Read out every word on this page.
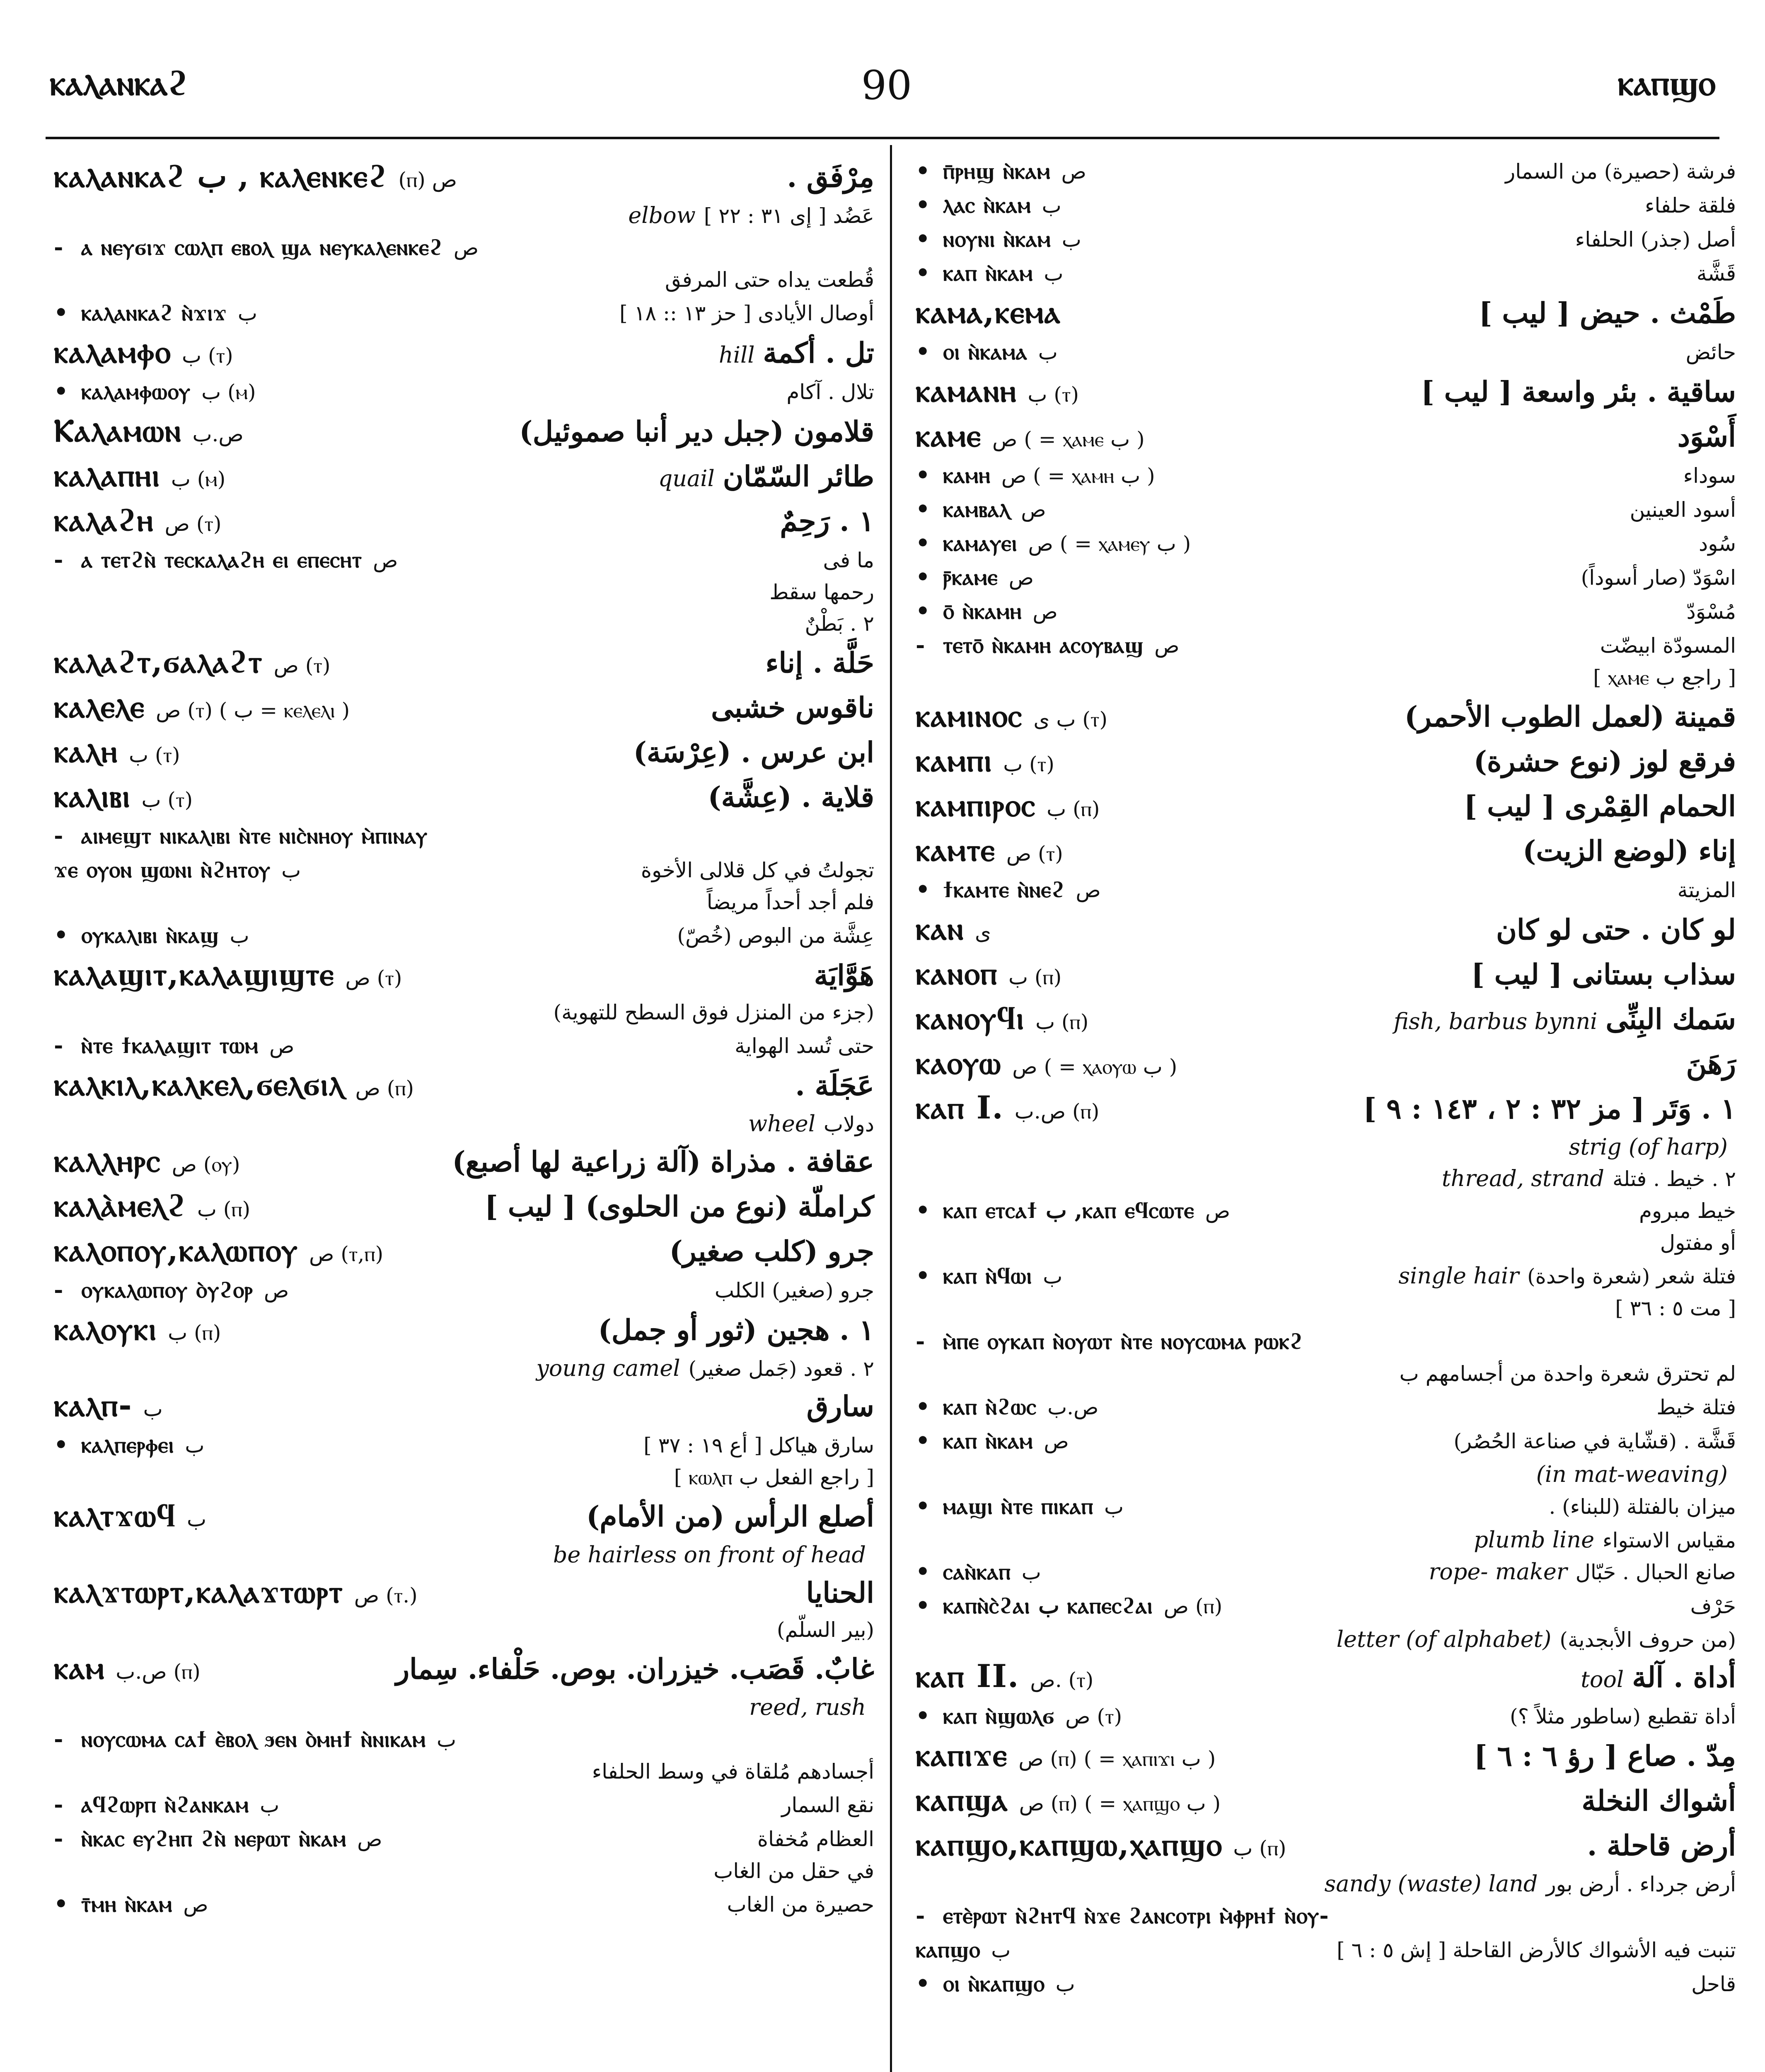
ⲕⲁⲗⲁⲛⲕⲁϩ	90	ⲕⲁⲡϣⲟ
ⲕⲁⲗⲁⲛⲕⲁϩ ب , ⲕⲁⲗⲉⲛⲕⲉϩ (ⲡ) ص	مِرْفَق .
عَضُد [ إى ٣١ : ٢٢ ]elbow
- ⲁ ⲛⲉⲩϭⲓϫ ⲥⲱⲗⲡ ⲉⲃⲟⲗ ϣⲁ ⲛⲉⲩⲕⲁⲗⲉⲛⲕⲉϩ ص
قُطعت يداه حتى المرفق
• ⲕⲁⲗⲁⲛⲕⲁϩ ⲛ̀ϫⲓϫ ب	أوصال الأيادى [ حز ١٣ :: ١٨ ]
ⲕⲁⲗⲁⲙⲫⲟ ب (ⲧ)	تل . أكمةhill
• ⲕⲁⲗⲁⲙⲫⲱⲟⲩ ب (ⲙ)	تلال . آكام
Ⲕⲁⲗⲁⲙⲱⲛ ص.ب	قلامون (جبل دير أنبا صموئيل)
ⲕⲁⲗⲁⲡⲏⲓ ب (ⲙ)	طائر السّمّانquail
ⲕⲁⲗⲁϩⲏ ص (ⲧ)	١ . رَحِمٌ
- ⲁ ⲧⲉⲧϩⲛ̀ ⲧⲉⲥⲕⲁⲗⲁϩⲏ ⲉⲓ ⲉⲡⲉⲥⲏⲧ ص	ما فى
رحمها سقط
٢ . بَطْنٌ
ⲕⲁⲗⲁϩⲧ,ϭⲁⲗⲁϩⲧ ص (ⲧ)	حَلَّة . إناء
ⲕⲁⲗⲉⲗⲉ ص (ⲧ) ( ب = ⲕⲉⲗⲉⲗⲓ )	ناقوس خشبى
ⲕⲁⲗⲏ ب (ⲧ)	ابن عرس . (عِرْسَة)
ⲕⲁⲗⲓⲃⲓ ب (ⲧ)	قلاية . (عِشَّة)
- ⲁⲓⲙⲉϣⲧ ⲛⲓⲕⲁⲗⲓⲃⲓ ⲛ̀ⲧⲉ ⲛⲓⲥ̀ⲛⲏⲟⲩ ⲙ̀ⲡⲓⲛⲁⲩ
ϫⲉ ⲟⲩⲟⲛ ϣⲱⲛⲓ ⲛ̀ϩⲏⲧⲟⲩ ب	تجولتُ في كل قلالى الأخوة
فلم أجد أحداً مريضاً
• ⲟⲩⲕⲁⲗⲓⲃⲓ ⲛ̀ⲕⲁϣ ب	عِشَّة من البوص (خُصّ)
ⲕⲁⲗⲁϣⲓⲧ,ⲕⲁⲗⲁϣⲓϣⲧⲉ ص (ⲧ)	هَوَّايَة
(جزء من المنزل فوق السطح للتهوية)
- ⲛ̀ⲧⲉ ϯⲕⲁⲗⲁϣⲓⲧ ⲧⲱⲙ ص	حتى تُسد الهواية
ⲕⲁⲗⲕⲓⲗ,ⲕⲁⲗⲕⲉⲗ,ϭⲉⲗϭⲓⲗ ص (ⲡ)	عَجَلَة .
دولابwheel
ⲕⲁⲗⲗⲏⲣⲥ ص (ⲟⲩ)	عقافة . مذراة (آلة زراعية لها أصبع)
ⲕⲁⲗⲁ̀ⲙⲉⲗϩ ب (ⲡ)	كراملّة (نوع من الحلوى) [ ليب ]
ⲕⲁⲗⲟⲡⲟⲩ,ⲕⲁⲗⲱⲡⲟⲩ ص (ⲧ,ⲡ)	جرو (كلب صغير)
- ⲟⲩⲕⲁⲗⲱⲡⲟⲩ ⲟ̀ⲩϩⲟⲣ ص	جرو (صغير) الكلب
ⲕⲁⲗⲟⲩⲕⲓ ب (ⲡ)	١ . هجين (ثور أو جمل)
٢ . قعود (جَمل صغير)young camel
ⲕⲁⲗⲡ- ب	سارق
• ⲕⲁⲗⲡⲉⲣⲫⲉⲓ ب	سارق هياكل [ أع ١٩ : ٣٧ ]
[ راجع الفعل ب ⲕⲱⲗⲡ ]
ⲕⲁⲗⲧϫⲱϥ ب	أصلع الرأس (من الأمام)
be hairless on front of head
ⲕⲁⲗϫⲧⲱⲣⲧ,ⲕⲁⲗⲁϫⲧⲱⲣⲧ ص (ⲧ.)	الحنايا
(بير السلّم)
ⲕⲁⲙ ص.ب (ⲡ)	غابٌ. قَصَب. خيزران. بوص. حَلْفاء. سِمار
reed, rush
- ⲛⲟⲩⲥⲱⲙⲁ ⲥⲁϯ ⲉ̀ⲃⲟⲗ ϧⲉⲛ ⲟ̀ⲙⲏϯ ⲛ̀ⲛⲓⲕⲁⲙ ب
أجسادهم مُلقاة في وسط الحلفاء
- ⲁϥϩⲱⲣⲡ ⲛ̀ϩⲁⲛⲕⲁⲙ ب	نقع السمار
- ⲛ̀ⲕⲁⲥ ⲉⲩϩⲏⲡ ϩⲛ̀ ⲛⲉⲣⲱⲧ ⲛ̀ⲕⲁⲙ ص	العظام مُخفاة
في حقل من الغاب
• ⲧ̄ⲙⲏ ⲛ̀ⲕⲁⲙ ص	حصيرة من الغاب
• ⲡ̄ⲣⲏϣ ⲛ̀ⲕⲁⲙ ص	فرشة (حصيرة) من السمار
• ⲗⲁⲥ ⲛ̀ⲕⲁⲙ ب	فلقة حلفاء
• ⲛⲟⲩⲛⲓ ⲛ̀ⲕⲁⲙ ب	أصل (جذر) الحلفاء
• ⲕⲁⲡ ⲛ̀ⲕⲁⲙ ب	قَشَّة
ⲕⲁⲙⲁ,ⲕⲉⲙⲁ	طَمْث . حيض [ ليب ]
• ⲟⲓ ⲛ̀ⲕⲁⲙⲁ ب	حائض
ⲕⲁⲙⲁⲛⲏ ب (ⲧ)	ساقية . بئر واسعة [ ليب ]
ⲕⲁⲙⲉ ص ( = ⲭⲁⲙⲉ ب )	أَسْوَد
• ⲕⲁⲙⲏ ص ( = ⲭⲁⲙⲏ ب )	سوداء
• ⲕⲁⲙⲃⲁⲗ ص	أسود العينين
• ⲕⲁⲙⲁⲩⲉⲓ ص ( = ⲭⲁⲙⲉⲩ ب )	سُود
• ⲣ̄ⲕⲁⲙⲉ ص	اسْوَدّ (صار أسوداً)
• ⲟ̄ ⲛ̀ⲕⲁⲙⲏ ص	مُسْوَدّ
- ⲧⲉⲧⲟ̄ ⲛ̀ⲕⲁⲙⲏ ⲁⲥⲟⲩⲃⲁϣ ص	المسودّة ابيضّت
[ راجع ب ⲭⲁⲙⲉ ]
ⲕⲁⲙⲓⲛⲟⲥ ب ى (ⲧ)	قمينة (لعمل الطوب الأحمر)
ⲕⲁⲙⲡⲓ ب (ⲧ)	فرقع لوز (نوع حشرة)
ⲕⲁⲙⲡⲓⲣⲟⲥ ب (ⲡ)	الحمام القِمْرى [ ليب ]
ⲕⲁⲙⲧⲉ ص (ⲧ)	إناء (لوضع الزيت)
• ϯⲕⲁⲙⲧⲉ ⲛ̀ⲛⲉϩ ص	المزيتة
ⲕⲁⲛ ى	لو كان . حتى لو كان
ⲕⲁⲛⲟⲡ ب (ⲡ)	سذاب بستانى [ ليب ]
ⲕⲁⲛⲟⲩϥⲓ ب (ⲡ)	سَمك البِنِّىfish, barbus bynni
ⲕⲁⲟⲩⲱ ص ( = ⲭⲁⲟⲩⲱ ب )	رَهَنَ
ⲕⲁⲡ I. ص.ب (ⲡ)	١ . وَتَر [ مز ٣٢ : ٢ ، ١٤٣ : ٩ ]
strig (of harp)
٢ . خيط . فتلةthread, strand
• ⲕⲁⲡ ⲉⲧⲥⲁϯ ب ,ⲕⲁⲡ ⲉϥⲥⲱⲧⲉ ص	خيط مبروم
أو مفتول
• ⲕⲁⲡ ⲛ̀ϥⲱⲓ ب	فتلة شعر (شعرة واحدة)single hair
[ مت ٥ : ٣٦ ]
- ⲙ̀ⲡⲉ ⲟⲩⲕⲁⲡ ⲛ̀ⲟⲩⲱⲧ ⲛ̀ⲧⲉ ⲛⲟⲩⲥⲱⲙⲁ ⲣⲱⲕϩ
لم تحترق شعرة واحدة من أجسامهم ب
• ⲕⲁⲡ ⲛ̀ϩⲱⲥ ص.ب	فتلة خيط
• ⲕⲁⲡ ⲛ̀ⲕⲁⲙ ص	قَشَّة . (قشّاية في صناعة الحُصُر)
(in mat-weaving)
• ⲙⲁϣⲓ ⲛ̀ⲧⲉ ⲡⲓⲕⲁⲡ ب	ميزان بالفتلة (للبناء) .
مقياس الاستواءplumb line
• ⲥⲁⲛ̀ⲕⲁⲡ ب	صانع الحبال . حَبّالrope- maker
• ⲕⲁⲡⲛ̀ⲥ̀ϩⲁⲓ ب ⲕⲁⲡⲉⲥϩⲁⲓ ص (ⲡ)	حَرْف
(من حروف الأبجدية)letter (of alphabet)
ⲕⲁⲡ II. ص. (ⲧ)	أداة . آلةtool
• ⲕⲁⲡ ⲛ̀ϣⲱⲗϭ ص (ⲧ)	أداة تقطيع (ساطور مثلاً ؟)
ⲕⲁⲡⲓϫⲉ ص (ⲡ) ( = ⲭⲁⲡⲓϫⲓ ب )	مِدّ . صاع [ رؤ ٦ : ٦ ]
ⲕⲁⲡϣⲁ ص (ⲡ) ( = ⲭⲁⲡϣⲟ ب )	أشواك النخلة
ⲕⲁⲡϣⲟ,ⲕⲁⲡϣⲱ,ⲭⲁⲡϣⲟ ب (ⲡ)	أرض قاحلة .
أرض جرداء . أرض بورsandy (waste) land
- ⲉⲧⲉ̀ⲣⲱⲧ ⲛ̀ϩⲏⲧϥ ⲛ̀ϫⲉ ϩⲁⲛⲥⲟⲧⲣⲓ ⲙ̀ⲫⲣⲏϯ ⲛ̀ⲟⲩ-
ⲕⲁⲡϣⲟ ب	تنبت فيه الأشواك كالأرض القاحلة [ إش ٥ : ٦ ]
• ⲟⲓ ⲛ̀ⲕⲁⲡϣⲟ ب	قاحل
